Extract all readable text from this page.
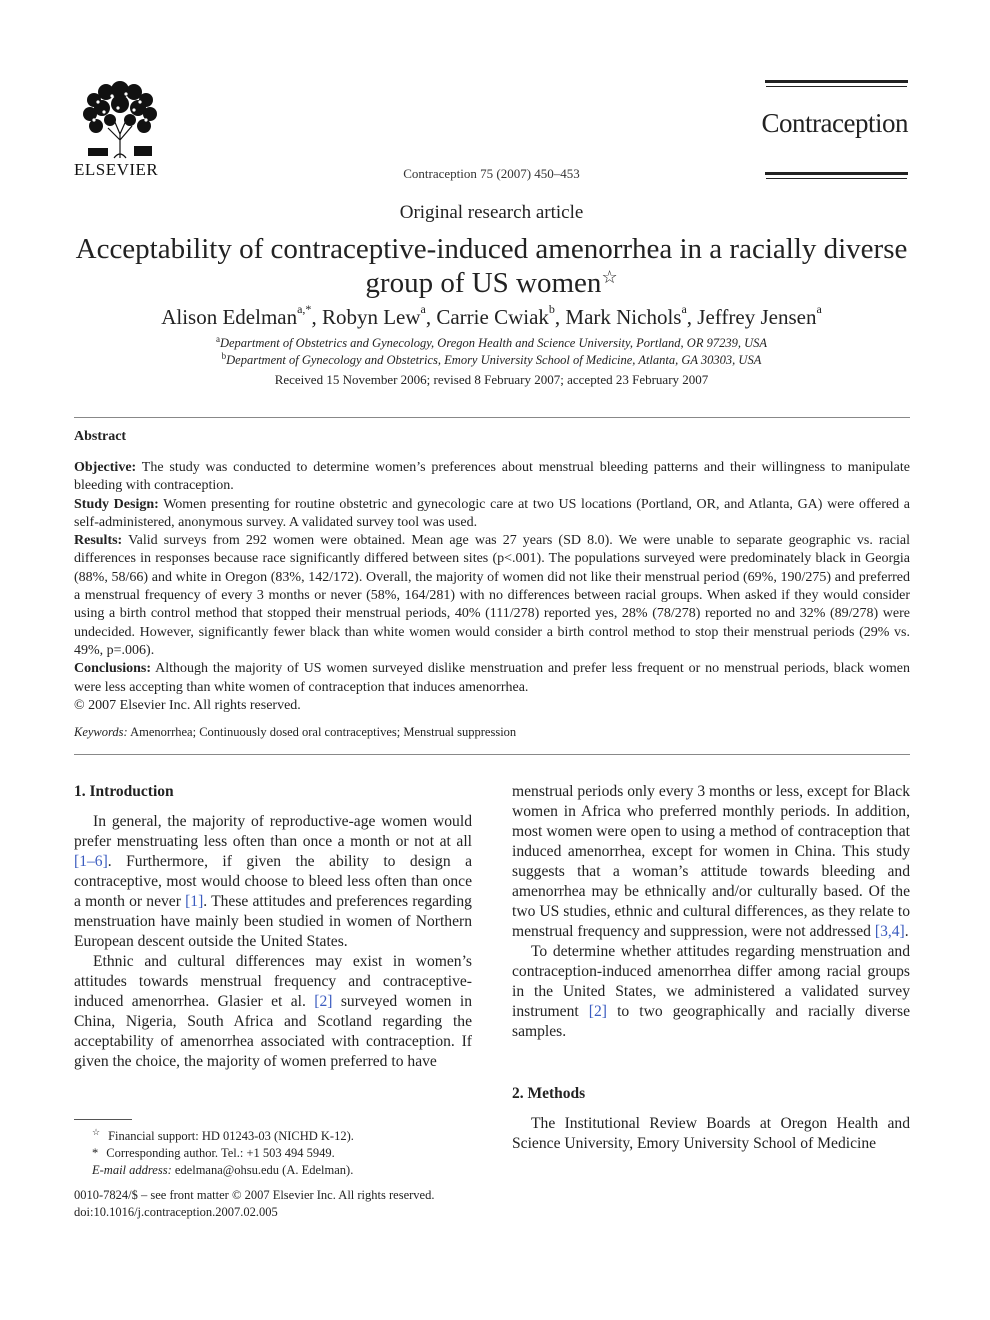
ELSEVIER	Contraception 75 (2007) 450–453
Contraception
Original research article
Acceptability of contraceptive-induced amenorrhea in a racially diverse group of US women☆
Alison Edelman$^{a,*}$, Robyn Lew$^a$, Carrie Cwiak$^b$, Mark Nichols$^a$, Jeffrey Jensen$^a$
$^a$Department of Obstetrics and Gynecology, Oregon Health and Science University, Portland, OR 97239, USA
$^b$Department of Gynecology and Obstetrics, Emory University School of Medicine, Atlanta, GA 30303, USA
Received 15 November 2006; revised 8 February 2007; accepted 23 February 2007
Abstract

Objective: The study was conducted to determine women’s preferences about menstrual bleeding patterns and their willingness to manipulate bleeding with contraception.

Study Design: Women presenting for routine obstetric and gynecologic care at two US locations (Portland, OR, and Atlanta, GA) were offered a self-administered, anonymous survey. A validated survey tool was used.

Results: Valid surveys from 292 women were obtained. Mean age was 27 years (SD 8.0). We were unable to separate geographic vs. racial differences in responses because race significantly differed between sites (p<.001). The populations surveyed were predominately black in Georgia (88%, 58/66) and white in Oregon (83%, 142/172). Overall, the majority of women did not like their menstrual period (69%, 190/275) and preferred a menstrual frequency of every 3 months or never (58%, 164/281) with no differences between racial groups. When asked if they would consider using a birth control method that stopped their menstrual periods, 40% (111/278) reported yes, 28% (78/278) reported no and 32% (89/278) were undecided. However, significantly fewer black than white women would consider a birth control method to stop their menstrual periods (29% vs. 49%, p=.006).

Conclusions: Although the majority of US women surveyed dislike menstruation and prefer less frequent or no menstrual periods, black women were less accepting than white women of contraception that induces amenorrhea.

© 2007 Elsevier Inc. All rights reserved.

Keywords: Amenorrhea; Continuously dosed oral contraceptives; Menstrual suppression
1. Introduction

In general, the majority of reproductive-age women would prefer menstruating less often than once a month or not at all [1–6]. Furthermore, if given the ability to design a contraceptive, most would choose to bleed less often than once a month or never [1]. These attitudes and preferences regarding menstruation have mainly been studied in women of Northern European descent outside the United States.

Ethnic and cultural differences may exist in women’s attitudes towards menstrual frequency and contraceptive-induced amenorrhea. Glasier et al. [2] surveyed women in China, Nigeria, South Africa and Scotland regarding the acceptability of amenorrhea associated with contraception. If given the choice, the majority of women preferred to have

menstrual periods only every 3 months or less, except for Black women in Africa who preferred monthly periods. In addition, most women were open to using a method of contraception that induced amenorrhea, except for women in China. This study suggests that a woman’s attitude towards bleeding and amenorrhea may be ethnically and/or culturally based. Of the two US studies, ethnic and cultural differences, as they relate to menstrual frequency and suppression, were not addressed [3,4].

To determine whether attitudes regarding menstruation and contraception-induced amenorrhea differ among racial groups in the United States, we administered a validated survey instrument [2] to two geographically and racially diverse samples.

2. Methods

The Institutional Review Boards at Oregon Health and Science University, Emory University School of Medicine

☆ Financial support: HD 01243-03 (NICHD K-12).
* Corresponding author. Tel.: +1 503 494 5949.
E-mail address: edelmana@ohsu.edu (A. Edelman).
0010-7824/$ – see front matter © 2007 Elsevier Inc. All rights reserved.
doi:10.1016/j.contraception.2007.02.005
